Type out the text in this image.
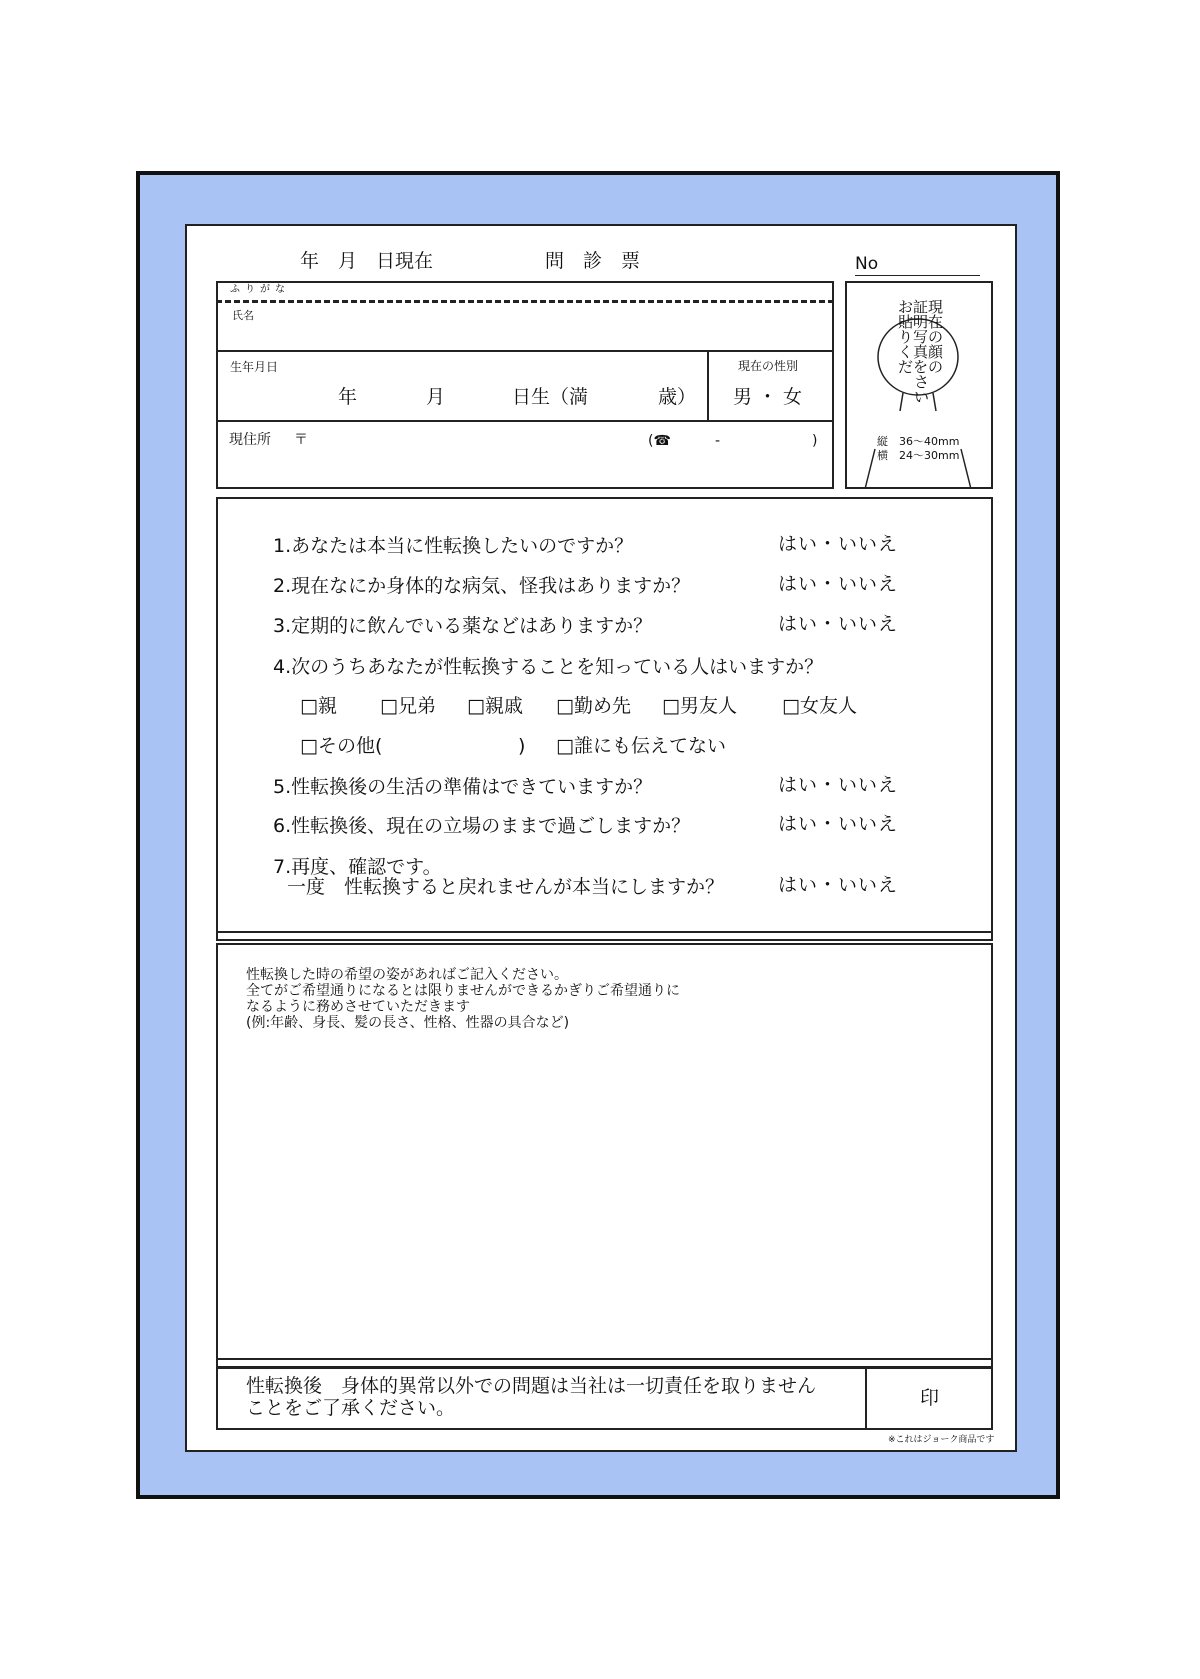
年　月　日現在	問　診　票	No
ふりがな
氏名
生年月日
年	月	日生（満	歳）
現在の性別
男・女
現住所 〒	(☎	-	)
お証現
貼明在
り写の
く真顔
だをの
さ
い
縦　36〜40mm
横　24〜30mm
1.あなたは本当に性転換したいのですか？	はい・いいえ
2.現在なにか身体的な病気、怪我はありますか？	はい・いいえ
3.定期的に飲んでいる薬などはありますか？	はい・いいえ
4.次のうちあなたが性転換することを知っている人はいますか？
□親 □兄弟 □親戚 □勤め先 □男友人 □女友人
□その他(	) □誰にも伝えてない
5.性転換後の生活の準備はできていますか？	はい・いいえ
6.性転換後、現在の立場のままで過ごしますか？	はい・いいえ
7.再度、確認です。
一度　性転換すると戻れませんが本当にしますか？	はい・いいえ
性転換した時の希望の姿があればご記入ください。
全てがご希望通りになるとは限りませんができるかぎりご希望通りに
なるように務めさせていただきます
(例:年齢、身長、髪の長さ、性格、性器の具合など)
性転換後　身体的異常以外での問題は当社は一切責任を取りません
ことをご了承ください。	印
※これはジョーク商品です
